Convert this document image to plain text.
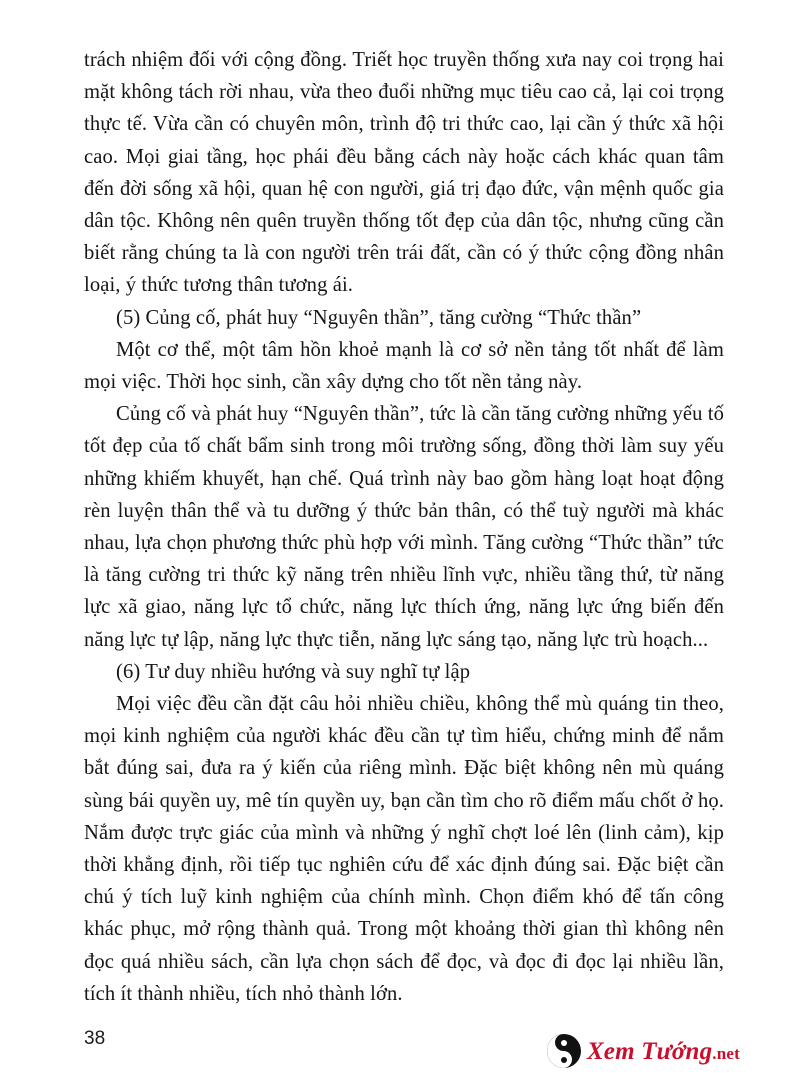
trách nhiệm đối với cộng đồng. Triết học truyền thống xưa nay coi trọng hai mặt không tách rời nhau, vừa theo đuổi những mục tiêu cao cả, lại coi trọng thực tế. Vừa cần có chuyên môn, trình độ tri thức cao, lại cần ý thức xã hội cao. Mọi giai tầng, học phái đều bằng cách này hoặc cách khác quan tâm đến đời sống xã hội, quan hệ con người, giá trị đạo đức, vận mệnh quốc gia dân tộc. Không nên quên truyền thống tốt đẹp của dân tộc, nhưng cũng cần biết rằng chúng ta là con người trên trái đất, cần có ý thức cộng đồng nhân loại, ý thức tương thân tương ái.

(5) Củng cố, phát huy “Nguyên thần”, tăng cường “Thức thần”

Một cơ thể, một tâm hồn khoẻ mạnh là cơ sở nền tảng tốt nhất để làm mọi việc. Thời học sinh, cần xây dựng cho tốt nền tảng này.

Củng cố và phát huy “Nguyên thần”, tức là cần tăng cường những yếu tố tốt đẹp của tố chất bẩm sinh trong môi trường sống, đồng thời làm suy yếu những khiếm khuyết, hạn chế. Quá trình này bao gồm hàng loạt hoạt động rèn luyện thân thể và tu dưỡng ý thức bản thân, có thể tuỳ người mà khác nhau, lựa chọn phương thức phù hợp với mình. Tăng cường “Thức thần” tức là tăng cường tri thức kỹ năng trên nhiều lĩnh vực, nhiều tầng thứ, từ năng lực xã giao, năng lực tổ chức, năng lực thích ứng, năng lực ứng biến đến năng lực tự lập, năng lực thực tiễn, năng lực sáng tạo, năng lực trù hoạch...

(6) Tư duy nhiều hướng và suy nghĩ tự lập

Mọi việc đều cần đặt câu hỏi nhiều chiều, không thể mù quáng tin theo, mọi kinh nghiệm của người khác đều cần tự tìm hiểu, chứng minh để nắm bắt đúng sai, đưa ra ý kiến của riêng mình. Đặc biệt không nên mù quáng sùng bái quyền uy, mê tín quyền uy, bạn cần tìm cho rõ điểm mấu chốt ở họ. Nắm được trực giác của mình và những ý nghĩ chợt loé lên (linh cảm), kịp thời khẳng định, rồi tiếp tục nghiên cứu để xác định đúng sai. Đặc biệt cần chú ý tích luỹ kinh nghiệm của chính mình. Chọn điểm khó để tấn công khác phục, mở rộng thành quả. Trong một khoảng thời gian thì không nên đọc quá nhiều sách, cần lựa chọn sách để đọc, và đọc đi đọc lại nhiều lần, tích ít thành nhiều, tích nhỏ thành lớn.

38	Xem Tướng.net
